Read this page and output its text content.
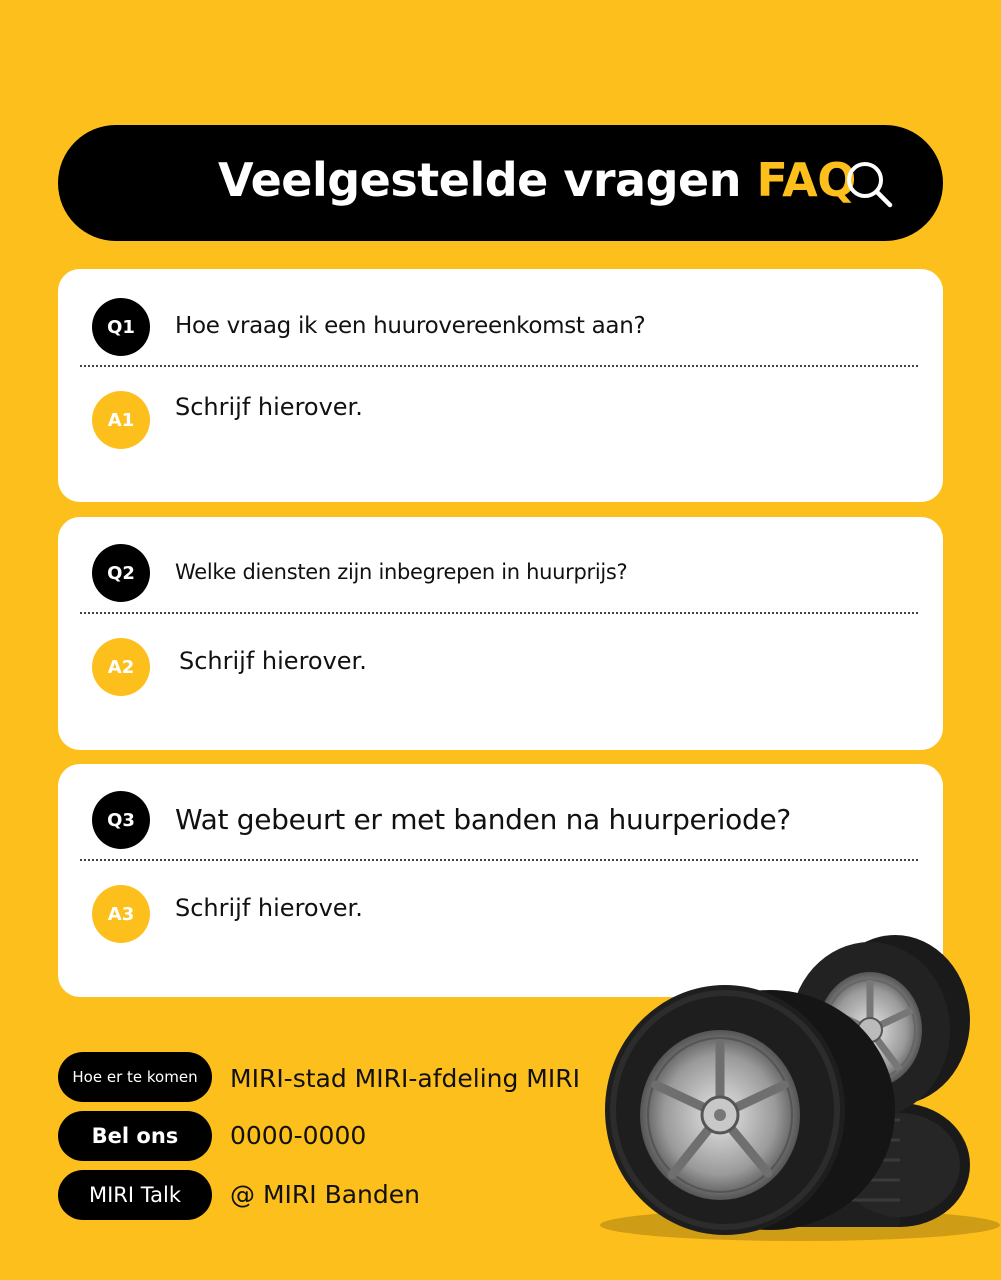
Veelgestelde vragen FAQ
Q1	Hoe vraag ik een huurovereenkomst aan?
A1	Schrijf hierover.
Q2	Welke diensten zijn inbegrepen in huurprijs?
A2	Schrijf hierover.
Q3	Wat gebeurt er met banden na huurperiode?
A3	Schrijf hierover.
Hoe er te komen	MIRI-stad MIRI-afdeling MIRI
Bel ons	0000-0000
MIRI Talk	@ MIRI Banden
